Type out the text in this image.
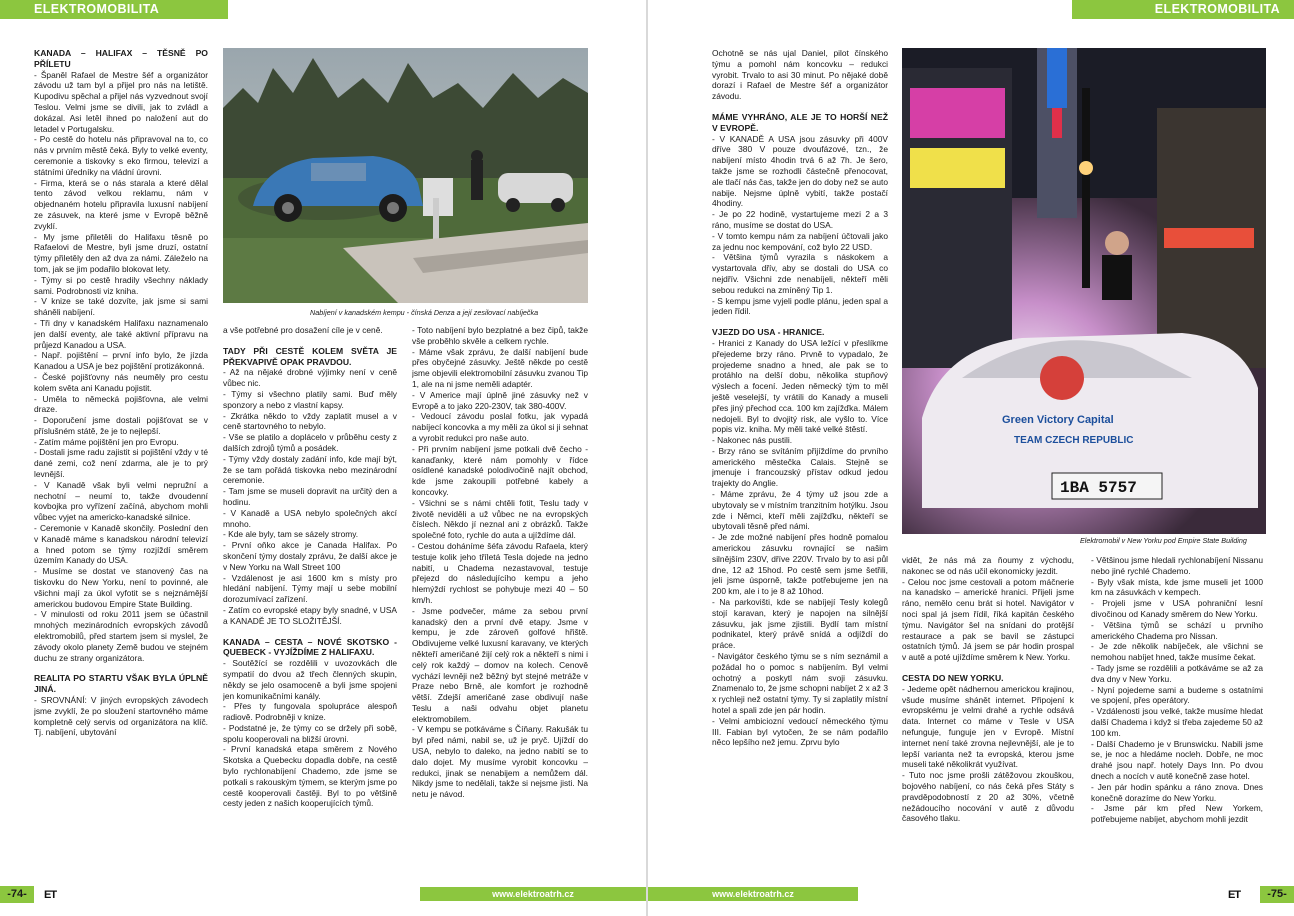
ELEKTROMOBILITA
KANADA – HALIFAX – TĚSNĚ PO PŘÍLETU

- Španěl Rafael de Mestre šéf a organizátor závodu už tam byl a přijel pro nás na letiště. Kupodivu spěchal a přijel nás vyzvednout svojí Teslou. Velmi jsme se divili, jak to zvládl a dokázal. Asi letěl ihned po naložení aut do letadel v Portugalsku.

- Po cestě do hotelu nás připravoval na to, co nás v prvním městě čeká. Byly to velké eventy, ceremonie a tiskovky s eko firmou, televizí a státními úředníky na vládní úrovni.

- Firma, která se o nás starala a které dělal tento závod velkou reklamu, nám v objednaném hotelu připravila luxusní nabíjení ze zásuvek, na které jsme v Evropě běžně zvyklí.

- My jsme přiletěli do Halifaxu těsně po Rafaelovi de Mestre, byli jsme druzí, ostatní týmy přiletěly den až dva za námi. Záleželo na tom, jak se jim podařilo blokovat lety.

- Týmy si po cestě hradily všechny náklady sami. Podrobnosti viz kniha.

- V knize se také dozvíte, jak jsme si sami sháněli nabíjení.

- Tři dny v kanadském Halifaxu naznamenalo jen další eventy, ale také aktivní přípravu na průjezd Kanadou a USA.

- Např. pojištění – první info bylo, že jízda Kanadou a USA je bez pojištění protizákonná.

- České pojišťovny nás neuměly pro cestu kolem světa ani Kanadu pojistit.

- Uměla to německá pojišťovna, ale velmi draze.

- Doporučení jsme dostali pojišťovat se v příslušném státě, že je to nejlepší.

- Zatím máme pojištění jen pro Evropu.

- Dostali jsme radu zajistit si pojištění vždy v té dané zemi, což není zdarma, ale je to prý levnější.

- V Kanadě však byli velmi nepružní a nechotní – neumí to, takže dvoudenní kovbojka pro vyřízení začíná, abychom mohli vůbec vyjet na americko-kanadské silnice.

- Ceremonie v Kanadě skončily. Poslední den v Kanadě máme s kanadskou národní televizí a hned potom se týmy rozjíždí směrem územím Kanady do USA.

- Musíme se dostat ve stanovený čas na tiskovku do New Yorku, není to povinné, ale všichni mají za úkol vyfotit se s nejznámější americkou budovou Empire State Building.

- V minulosti od roku 2011 jsem se účastnil mnohých mezinárodních evropských závodů elektromobilů, před startem jsem si myslel, že závody okolo planety Země budou ve stejném duchu ze strany organizátora.

REALITA PO STARTU VŠAK BYLA ÚPLNĚ JINÁ.

- SROVNÁNÍ: V jiných evropských závodech jsme zvyklí, že po sloužení startovného máme kompletně celý servis od organizátora na klíč. Tj. nabíjení, ubytování

a vše potřebné pro dosažení cíle je v ceně.

TADY PŘI CESTĚ KOLEM SVĚTA JE PŘEKVAPIVĚ OPAK PRAVDOU.

- Až na nějaké drobné výjimky není v ceně vůbec nic.

- Týmy si všechno platily sami. Buď měly sponzory a nebo z vlastní kapsy.

- Zkrátka někdo to vždy zaplatit musel a v ceně startovného to nebylo.

- Vše se platilo a doplácelo v průběhu cesty z dalších zdrojů týmů a posádek.

- Týmy vždy dostaly zadání info, kde mají být, že se tam pořádá tiskovka nebo mezinárodní ceremonie.

- Tam jsme se museli dopravit na určitý den a hodinu.

- V Kanadě a USA nebylo společných akcí mnoho.

- Kde ale byly, tam se sázely stromy.

- První oňko akce je Canada Halifax. Po skončení týmy dostaly zprávu, že další akce je v New Yorku na Wall Street 100

- Vzdálenost je asi 1600 km s místy pro hledání nabíjení. Týmy mají u sebe mobilní dorozumívací zařízení.

- Zatím co evropské etapy byly snadné, v USA a KANADĚ JE TO SLOŽITĚJŠÍ.

KANADA – CESTA – NOVÉ SKOTSKO - QUEBECK - VYJÍŽDÍME Z HALIFAXU.

- Soutěžící se rozdělili v uvozovkách dle sympatií do dvou až třech členných skupin, někdy se jelo osamoceně a byli jsme spojeni jen komunikačními kanály.

- Přes ty fungovala spolupráce alespoň radiově. Podrobněji v knize.

- Podstatné je, že týmy co se držely při sobě, spolu kooperovali na bližší úrovni.

- První kanadská etapa směrem z Nového Skotska a Quebecku dopadla dobře, na cestě bylo rychlonabíjení Chademo, zde jsme se potkali s rakouským týmem, se kterým jsme po cestě kooperovali častěji. Byl to po většině cesty jeden z našich kooperujících týmů.

- Toto nabíjení bylo bezplatné a bez čipů, takže vše proběhlo skvěle a celkem rychle.

- Máme však zprávu, že další nabíjení bude přes obyčejné zásuvky. Ještě někde po cestě jsme objevili elektromobilní zásuvku zvanou Tip 1, ale na ni jsme neměli adaptér.

- V Americe mají úplně jiné zásuvky než v Evropě a to jako 220-230V, tak 380-400V.

- Vedoucí závodu poslal fotku, jak vypadá nabíjecí koncovka a my měli za úkol si ji sehnat a vyrobit redukci pro naše auto.

- Při prvním nabíjení jsme potkali dvě čecho -kanaďanky, které nám pomohly v řídce osídlené kanadské polodivočině najít obchod, kde jsme zakoupili potřebné kabely a koncovky.

- Všichni se s námi chtěli fotit, Teslu tady v životě neviděli a už vůbec ne na evropských číslech. Někdo jí neznal ani z obrázků. Takže společné foto, rychle do auta a ujíždíme dál.

- Cestou doháníme šéfa závodu Rafaela, který testuje kolik jeho tříletá Tesla dojede na jedno nabití, u Chadema nezastavoval, testuje přejezd do následujícího kempu a jeho hlemýždí rychlost se pohybuje mezi 40 – 50 km/h.

- Jsme podvečer, máme za sebou první kanadský den a první dvě etapy. Jsme v kempu, je zde zároveň golfové hřiště. Obdivujeme velké luxusní karavany, ve kterých někteří američané žijí celý rok a někteří s nimi i celý rok každý – domov na kolech. Cenově vychází levněji než běžný byt stejné metráže v Praze nebo Brně, ale komfort je rozhodně větší. Zdejší američané zase obdivují naše Teslu a naši odvahu objet planetu elektromobilem.

- V kempu se potkáváme s Číňany. Rakušák tu byl před námi, nabil se, už je pryč. Ujíždí do USA, nebylo to daleko, na jedno nabití se to dalo dojet. My musíme vyrobit koncovku – redukci, jinak se nenabijem a nemůžem dál. Nikdy jsme to nedělali, takže si nejsme jisti. Na netu je návod.

Nabíjení v kanadském kempu - čínská Denza a její zesilovací nabíječka
-74-	ET	www.elektroatrh.cz
ELEKTROMOBILITA

Ochotně se nás ujal Daniel, pilot čínského týmu a pomohl nám koncovku – redukci vyrobit. Trvalo to asi 30 minut. Po nějaké době dorazí i Rafael de Mestre šéf a organizátor závodu.

MÁME VYHRÁNO, ALE JE TO HORŠÍ NEŽ V EVROPĚ.

- V KANADĚ A USA jsou zásuvky při 400V dříve 380 V pouze dvoufázové, tzn., že nabíjení místo 4hodin trvá 6 až 7h. Je šero, takže jsme se rozhodli částečně přenocovat, ale tlačí nás čas, takže jen do doby než se auto nabije. Nejsme úplně vybití, takže postačí 4hodiny.

- Je po 22 hodině, vystartujeme mezi 2 a 3 ráno, musíme se dostat do USA.

- V tomto kempu nám za nabíjení účtovali jako za jednu noc kempování, což bylo 22 USD.

- Většina týmů vyrazila s náskokem a vystartovala dřív, aby se dostali do USA co nejdřív. Všichni zde nenabíjeli, někteří měli sebou redukci na zmíněný Tip 1.

- S kempu jsme vyjeli podle plánu, jeden spal a jeden řídil.

VJEZD DO USA - HRANICE.

- Hranici z Kanady do USA ležící v přeslíkme přejedeme brzy ráno. Prvně to vypadalo, že projedeme snadno a hned, ale pak se to protáhlo na delší dobu, několika stupňový výslech a focení. Jeden německý tým to měl ještě veselejší, ty vrátili do Kanady a museli přes jiný přechod cca. 100 km zajížďka. Málem nedojeli. Byl to dvojitý risk, ale vyšlo to. Více popis viz. kniha. My měli také velké štěstí.

- Nakonec nás pustili.

- Brzy ráno se svítáním přijíždíme do prvního amerického městečka Calais. Stejně se jmenuje i francouzský přístav odkud jedou trajekty do Anglie.

- Máme zprávu, že 4 týmy už jsou zde a ubytovaly se v místním tranzitním hotýlku. Jsou zde i Němci, kteří měli zajížďku, někteří se ubytovali těsně před námi.

- Je zde možné nabíjení přes hodně pomalou americkou zásuvku rovnající se našim silnějším 230V, dříve 220V. Trvalo by to asi půl dne, 12 až 15hod. Po cestě sem jsme šetřili, jeli jsme úsporně, takže potřebujeme jen na 200 km, ale i to je 8 až 10hod.

- Na parkovišti, kde se nabíjejí Tesly kolegů stojí karavan, který je napojen na silnější zásuvku, jak jsme zjistili. Bydlí tam místní podnikatel, který právě snídá a odjíždí do práce.

- Navigátor českého týmu se s ním seznámil a požádal ho o pomoc s nabíjením. Byl velmi ochotný a poskytl nám svoji zásuvku. Znamenalo to, že jsme schopni nabíjet 2 x až 3 x rychleji než ostatní týmy. Ty si zaplatily místní hotel a spali zde jen pár hodin.

- Velmi ambiciozní vedoucí německého týmu III. Fabian byl vytočen, že se nám podařilo něco lepšího než jemu. Zprvu bylo

vidět, že nás má za ňoumy z východu, nakonec se od nás učil ekonomicky jezdit.

- Celou noc jsme cestovali a potom máčnerie na kanadsko – americké hranici. Přijeli jsme ráno, nemělo cenu brát si hotel. Navigátor v noci spal já jsem řídil, říká kapitán českého týmu. Navigátor šel na snídani do protější restaurace a pak se bavil se zástupci ostatních týmů. Já jsem se pár hodin prospal v autě a poté ujíždíme směrem k New. Yorku.

CESTA DO NEW YORKU.

- Jedeme opět nádhernou americkou krajinou, všude musíme shánět internet. Připojení k evropskému je velmi drahé a rychle odsává data. Internet co máme v Tesle v USA nefunguje, funguje jen v Evropě. Místní internet není také zrovna nejlevnější, ale je to lepší varianta než ta evropská, kterou jsme museli také několikrát využívat.

- Tuto noc jsme prošli zátěžovou zkouškou, bojového nabíjení, co nás čeká přes Státy s pravděpodobností z 20 až 30%, včetně nežádoucího nocování v autě z důvodu časového tlaku.

- Většinou jsme hledali rychlonabíjení Nissanu nebo jiné rychlé Chademo.

- Byly však místa, kde jsme museli jet 1000 km na zásuvkách v kempech.

- Projeli jsme v USA pohraniční lesní divočinou od Kanady směrem do New Yorku.

- Většina týmů se schází u prvního amerického Chadema pro Nissan.

- Je zde několik nabíječek, ale všichni se nemohou nabíjet hned, takže musíme čekat.

- Tady jsme se rozdělili a potkáváme se až za dva dny v New Yorku.

- Nyní pojedeme sami a budeme s ostatními ve spojení, přes operátory.

- Vzdálenosti jsou velké, takže musíme hledat další Chadema i když si třeba zajedeme 50 až 100 km.

- Další Chademo je v Brunswicku. Nabili jsme se, je noc a hledáme nocleh. Dobře, ne moc drahé jsou např. hotely Days Inn. Po dvou dnech a nocích v autě konečně zase hotel.

- Jen pár hodin spánku a ráno znova. Dnes konečně dorazíme do New Yorku.

- Jsme pár km před New Yorkem, potřebujeme nabíjet, abychom mohli jezdit

Green Victory Capital
TEAM CZECH REPUBLIC
1BA 5757
Elektromobil v New Yorku pod Empire State Building
www.elektroatrh.cz	ET	-75-
